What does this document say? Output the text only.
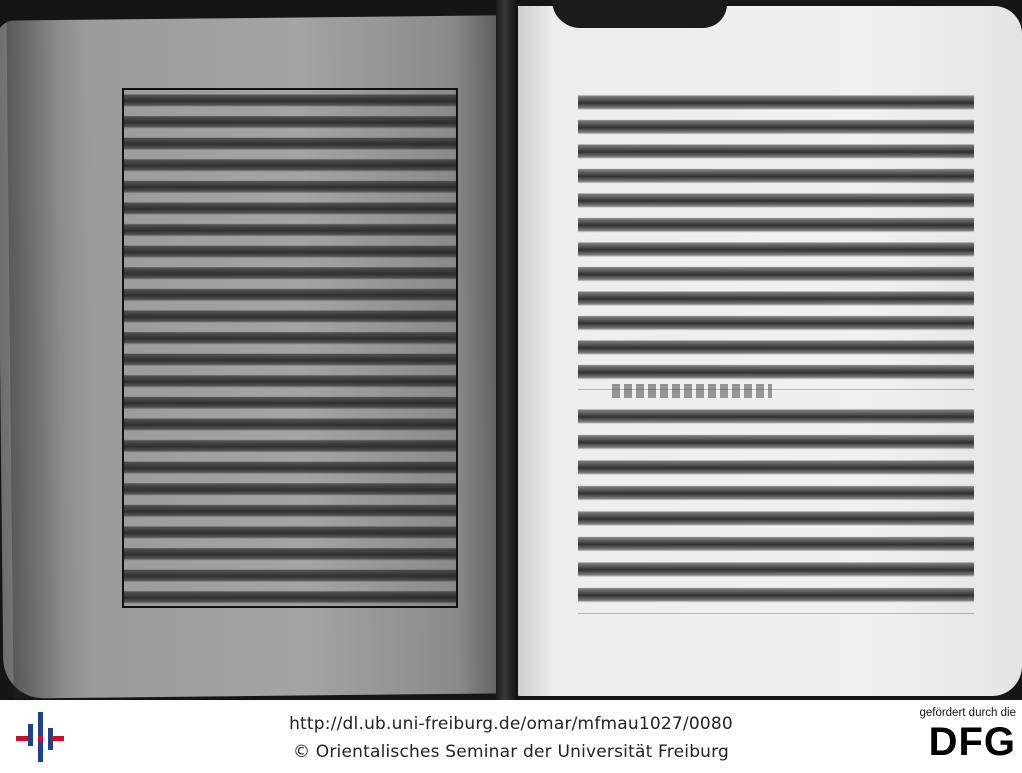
http://dl.ub.uni-freiburg.de/omar/mfmau1027/0080
© Orientalisches Seminar der Universität Freiburg
gefördert durch die
DFG
